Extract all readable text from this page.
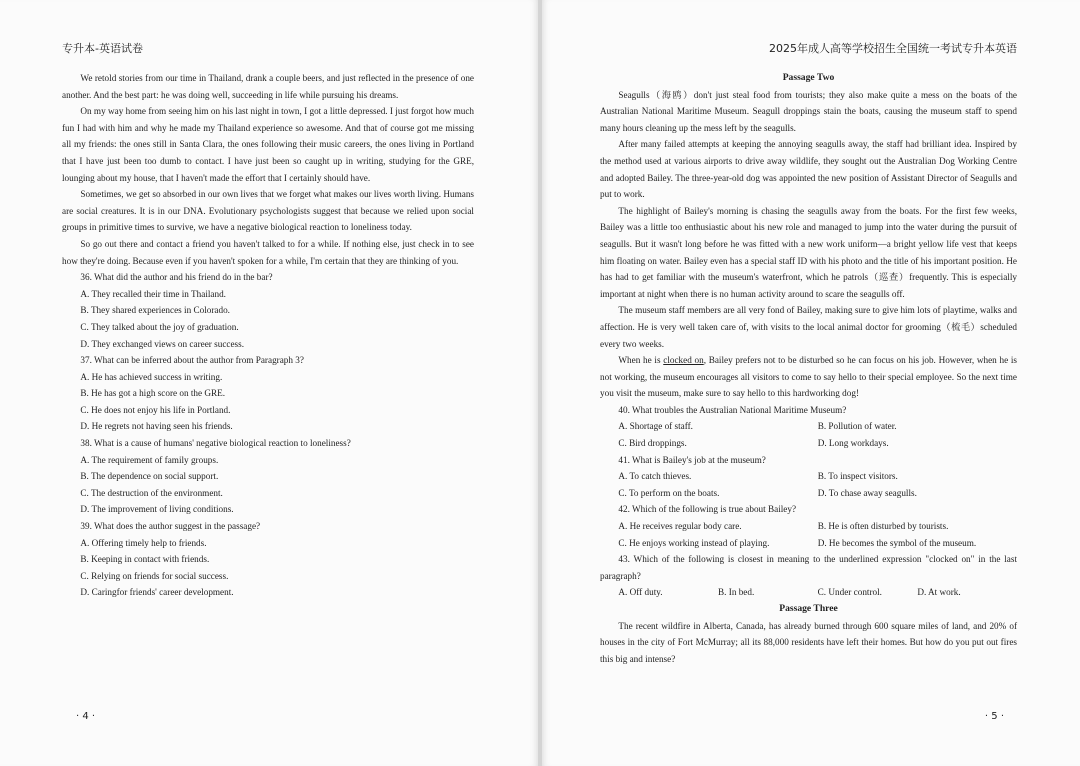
专升本-英语试卷

We retold stories from our time in Thailand, drank a couple beers, and just reflected in the presence of one another. And the best part: he was doing well, succeeding in life while pursuing his dreams.

On my way home from seeing him on his last night in town, I got a little depressed. I just forgot how much fun I had with him and why he made my Thailand experience so awesome. And that of course got me missing all my friends: the ones still in Santa Clara, the ones following their music careers, the ones living in Portland that I have just been too dumb to contact. I have just been so caught up in writing, studying for the GRE, lounging about my house, that I haven't made the effort that I certainly should have.

Sometimes, we get so absorbed in our own lives that we forget what makes our lives worth living. Humans are social creatures. It is in our DNA. Evolutionary psychologists suggest that because we relied upon social groups in primitive times to survive, we have a negative biological reaction to loneliness today.

So go out there and contact a friend you haven't talked to for a while. If nothing else, just check in to see how they're doing. Because even if you haven't spoken for a while, I'm certain that they are thinking of you.

36. What did the author and his friend do in the bar?
A. They recalled their time in Thailand.
B. They shared experiences in Colorado.
C. They talked about the joy of graduation.
D. They exchanged views on career success.
37. What can be inferred about the author from Paragraph 3?
A. He has achieved success in writing.
B. He has got a high score on the GRE.
C. He does not enjoy his life in Portland.
D. He regrets not having seen his friends.
38. What is a cause of humans' negative biological reaction to loneliness?
A. The requirement of family groups.
B. The dependence on social support.
C. The destruction of the environment.
D. The improvement of living conditions.
39. What does the author suggest in the passage?
A. Offering timely help to friends.
B. Keeping in contact with friends.
C. Relying on friends for social success.
D. Caringfor friends' career development.
· 4 ·
2025年成人高等学校招生全国统一考试专升本英语
Passage Two

Seagulls（海鸥）don't just steal food from tourists; they also make quite a mess on the boats of the Australian National Maritime Museum. Seagull droppings stain the boats, causing the museum staff to spend many hours cleaning up the mess left by the seagulls.

After many failed attempts at keeping the annoying seagulls away, the staff had brilliant idea. Inspired by the method used at various airports to drive away wildlife, they sought out the Australian Dog Working Centre and adopted Bailey. The three-year-old dog was appointed the new position of Assistant Director of Seagulls and put to work.

The highlight of Bailey's morning is chasing the seagulls away from the boats. For the first few weeks, Bailey was a little too enthusiastic about his new role and managed to jump into the water during the pursuit of seagulls. But it wasn't long before he was fitted with a new work uniform—a bright yellow life vest that keeps him floating on water. Bailey even has a special staff ID with his photo and the title of his important position. He has had to get familiar with the museum's waterfront, which he patrols（巡查）frequently. This is especially important at night when there is no human activity around to scare the seagulls off.

The museum staff members are all very fond of Bailey, making sure to give him lots of playtime, walks and affection. He is very well taken care of, with visits to the local animal doctor for grooming（梳毛）scheduled every two weeks.

When he is clocked on, Bailey prefers not to be disturbed so he can focus on his job. However, when he is not working, the museum encourages all visitors to come to say hello to their special employee. So the next time you visit the museum, make sure to say hello to this hardworking dog!

40. What troubles the Australian National Maritime Museum?
A. Shortage of staff.	B. Pollution of water.
C. Bird droppings.	D. Long workdays.
41. What is Bailey's job at the museum?
A. To catch thieves.	B. To inspect visitors.
C. To perform on the boats.	D. To chase away seagulls.
42. Which of the following is true about Bailey?
A. He receives regular body care.	B. He is often disturbed by tourists.
C. He enjoys working instead of playing.	D. He becomes the symbol of the museum.

43. Which of the following is closest in meaning to the underlined expression "clocked on" in the last paragraph?

A. Off duty.	B. In bed.	C. Under control.	D. At work.
Passage Three

The recent wildfire in Alberta, Canada, has already burned through 600 square miles of land, and 20% of houses in the city of Fort McMurray; all its 88,000 residents have left their homes. But how do you put out fires this big and intense?

· 5 ·
